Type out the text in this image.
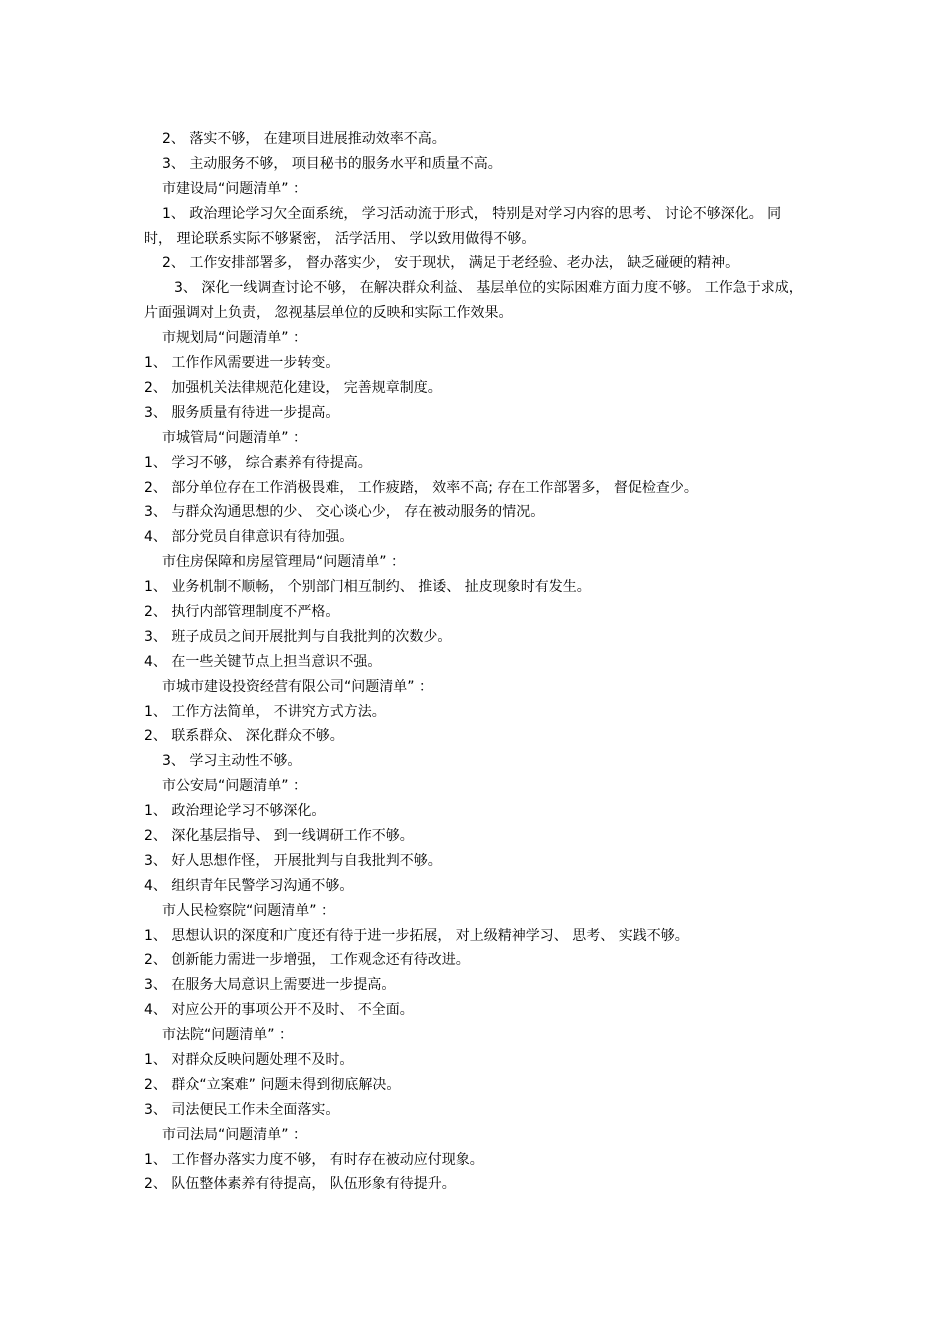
2、 落实不够， 在建项目进展推动效率不高。
3、 主动服务不够， 项目秘书的服务水平和质量不高。
市建设局“问题清单” ：
1、 政治理论学习欠全面系统， 学习活动流于形式， 特别是对学习内容的思考、 讨论不够深化。 同时， 理论联系实际不够紧密， 活学活用、 学以致用做得不够。
2、 工作安排部署多， 督办落实少， 安于现状， 满足于老经验、老办法， 缺乏碰硬的精神。
3、 深化一线调查讨论不够， 在解决群众利益、 基层单位的实际困难方面力度不够。 工作急于求成， 片面强调对上负责， 忽视基层单位的反映和实际工作效果。
市规划局“问题清单” ：
1、 工作作风需要进一步转变。
2、 加强机关法律规范化建设， 完善规章制度。
3、 服务质量有待进一步提高。
市城管局“问题清单” ：
1、 学习不够， 综合素养有待提高。
2、 部分单位存在工作消极畏难， 工作疲踏， 效率不高; 存在工作部署多， 督促检查少。
3、 与群众沟通思想的少、 交心谈心少， 存在被动服务的情况。
4、 部分党员自律意识有待加强。
市住房保障和房屋管理局“问题清单” ：
1、 业务机制不顺畅， 个别部门相互制约、 推诿、 扯皮现象时有发生。
2、 执行内部管理制度不严格。
3、 班子成员之间开展批判与自我批判的次数少。
4、 在一些关键节点上担当意识不强。
市城市建设投资经营有限公司“问题清单” ：
1、 工作方法简单， 不讲究方式方法。
2、 联系群众、 深化群众不够。
3、 学习主动性不够。
市公安局“问题清单” ：
1、 政治理论学习不够深化。
2、 深化基层指导、 到一线调研工作不够。
3、 好人思想作怪， 开展批判与自我批判不够。
4、 组织青年民警学习沟通不够。
市人民检察院“问题清单” ：
1、 思想认识的深度和广度还有待于进一步拓展， 对上级精神学习、 思考、 实践不够。
2、 创新能力需进一步增强， 工作观念还有待改进。
3、 在服务大局意识上需要进一步提高。
4、 对应公开的事项公开不及时、 不全面。
市法院“问题清单” ：
1、 对群众反映问题处理不及时。
2、 群众“立案难” 问题未得到彻底解决。
3、 司法便民工作未全面落实。
市司法局“问题清单” ：
1、 工作督办落实力度不够， 有时存在被动应付现象。
2、 队伍整体素养有待提高， 队伍形象有待提升。
